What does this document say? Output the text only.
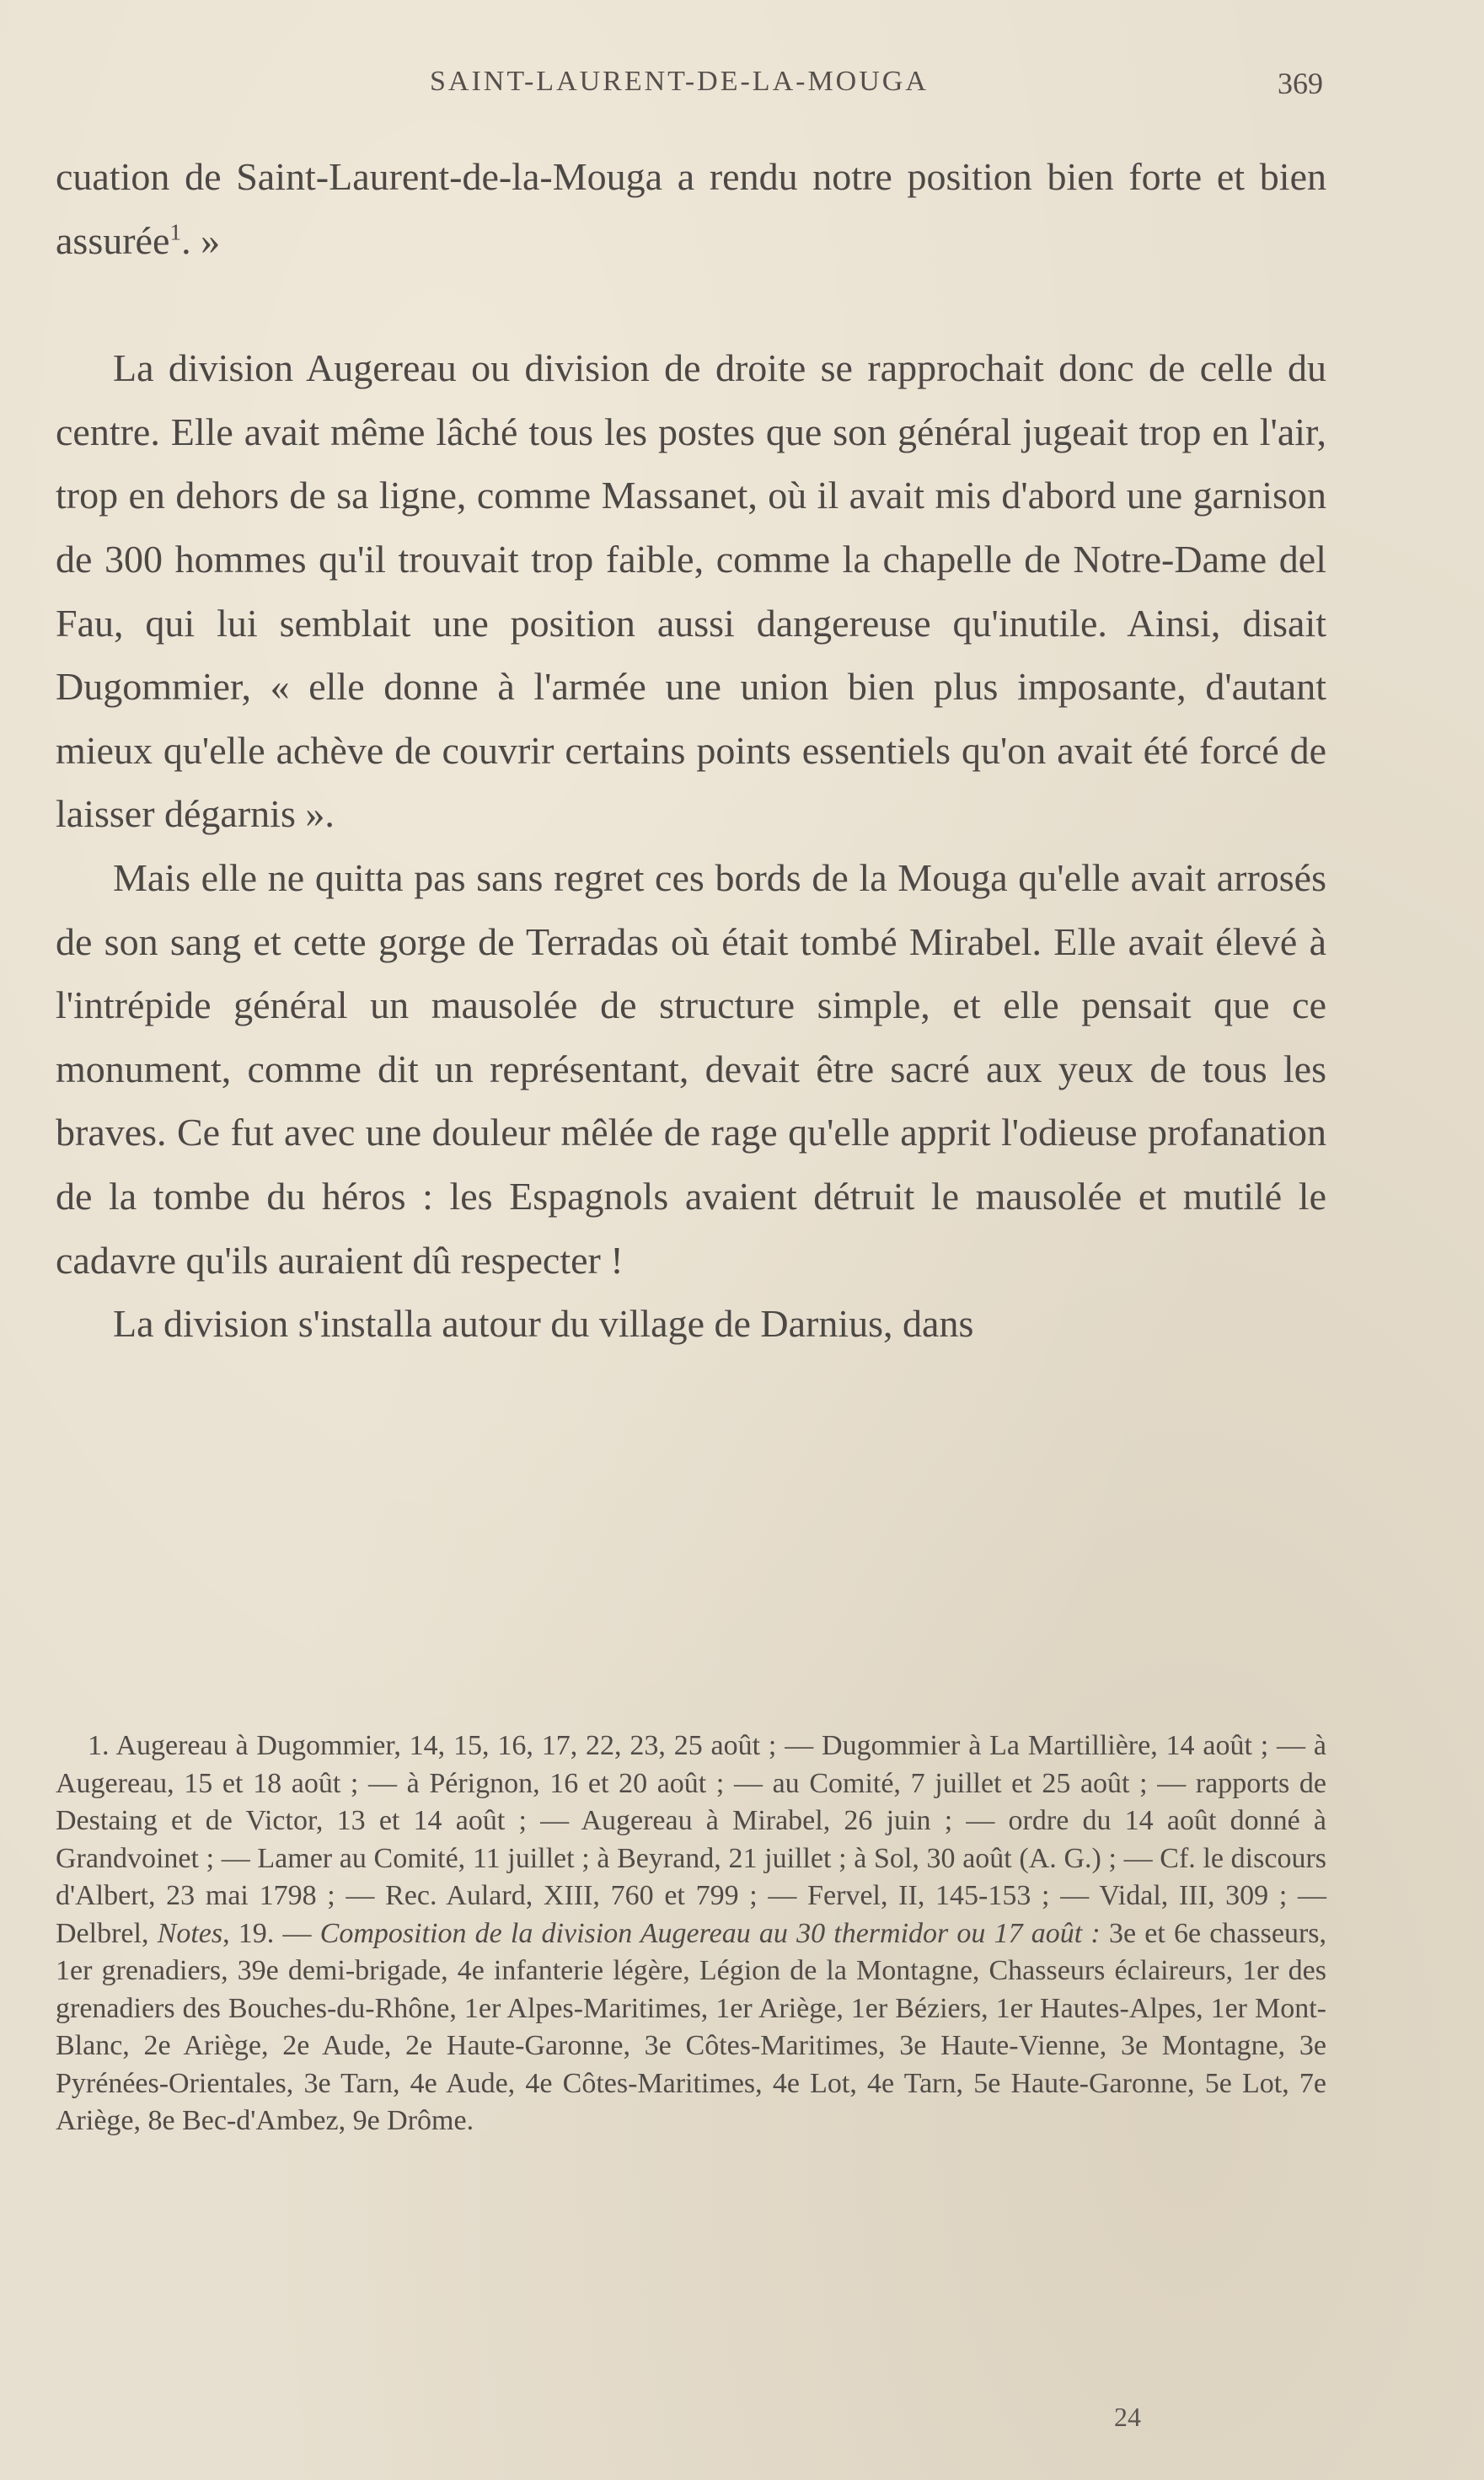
SAINT-LAURENT-DE-LA-MOUGA	369

cuation de Saint-Laurent-de-la-Mouga a rendu notre position bien forte et bien assurée$^1$. »

La division Augereau ou division de droite se rapprochait donc de celle du centre. Elle avait même lâché tous les postes que son général jugeait trop en l'air, trop en dehors de sa ligne, comme Massanet, où il avait mis d'abord une garnison de 300 hommes qu'il trouvait trop faible, comme la chapelle de Notre-Dame del Fau, qui lui semblait une position aussi dangereuse qu'inutile. Ainsi, disait Dugommier, « elle donne à l'armée une union bien plus imposante, d'autant mieux qu'elle achève de couvrir certains points essentiels qu'on avait été forcé de laisser dégarnis ».

Mais elle ne quitta pas sans regret ces bords de la Mouga qu'elle avait arrosés de son sang et cette gorge de Terradas où était tombé Mirabel. Elle avait élevé à l'intrépide général un mausolée de structure simple, et elle pensait que ce monument, comme dit un représentant, devait être sacré aux yeux de tous les braves. Ce fut avec une douleur mêlée de rage qu'elle apprit l'odieuse profanation de la tombe du héros : les Espagnols avaient détruit le mausolée et mutilé le cadavre qu'ils auraient dû respecter !

La division s'installa autour du village de Darnius, dans

1. Augereau à Dugommier, 14, 15, 16, 17, 22, 23, 25 août ; — Dugommier à La Martillière, 14 août ; — à Augereau, 15 et 18 août ; — à Pérignon, 16 et 20 août ; — au Comité, 7 juillet et 25 août ; — rapports de Destaing et de Victor, 13 et 14 août ; — Augereau à Mirabel, 26 juin ; — ordre du 14 août donné à Grandvoinet ; — Lamer au Comité, 11 juillet ; à Beyrand, 21 juillet ; à Sol, 30 août (A. G.) ; — Cf. le discours d'Albert, 23 mai 1798 ; — Rec. Aulard, XIII, 760 et 799 ; — Fervel, II, 145-153 ; — Vidal, III, 309 ; — Delbrel, Notes, 19. — Composition de la division Augereau au 30 thermidor ou 17 août : 3e et 6e chasseurs, 1er grenadiers, 39e demi-brigade, 4e infanterie légère, Légion de la Montagne, Chasseurs éclaireurs, 1er des grenadiers des Bouches-du-Rhône, 1er Alpes-Maritimes, 1er Ariège, 1er Béziers, 1er Hautes-Alpes, 1er Mont-Blanc, 2e Ariège, 2e Aude, 2e Haute-Garonne, 3e Côtes-Maritimes, 3e Haute-Vienne, 3e Montagne, 3e Pyrénées-Orientales, 3e Tarn, 4e Aude, 4e Côtes-Maritimes, 4e Lot, 4e Tarn, 5e Haute-Garonne, 5e Lot, 7e Ariège, 8e Bec-d'Ambez, 9e Drôme.

24
